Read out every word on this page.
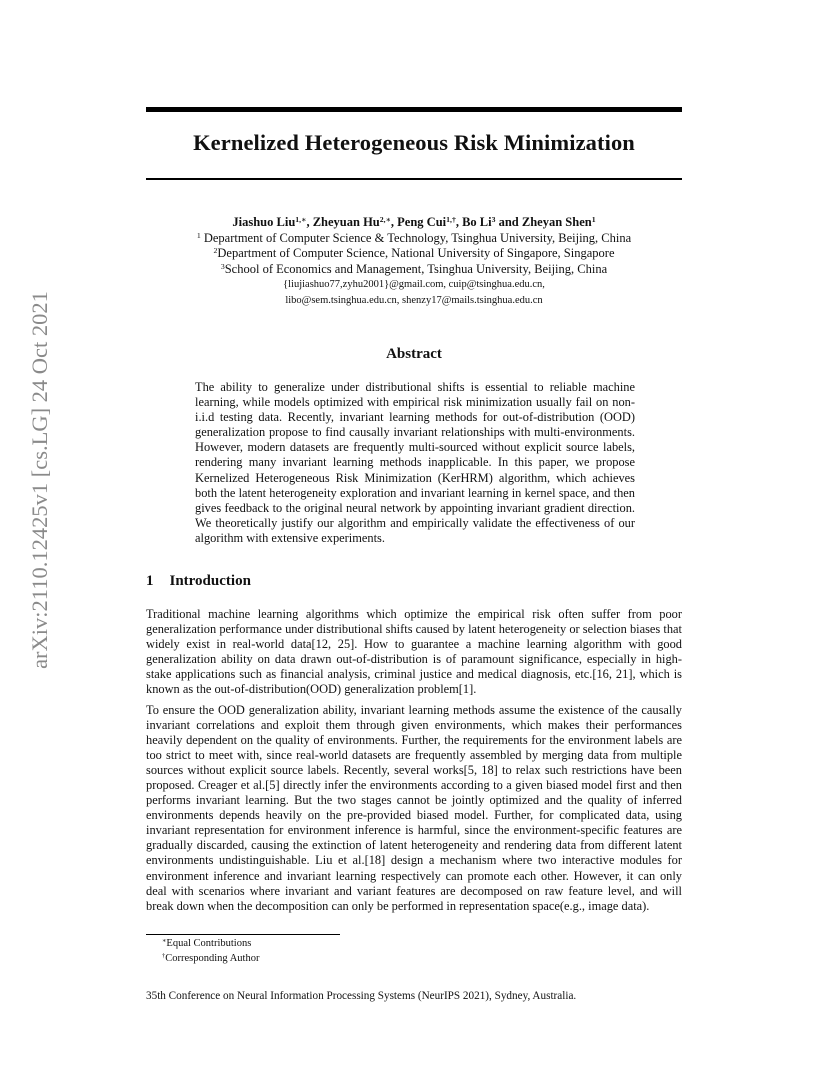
arXiv:2110.12425v1 [cs.LG] 24 Oct 2021
Kernelized Heterogeneous Risk Minimization
Jiashuo Liu$^{1,∗}$, Zheyuan $Hu^{2,∗}$, Peng Cui$^{1,\dagger}$, Bo Li$^3$ and Zheyan Shen$^1$
$^1$ Department of Computer Science & Technology, Tsinghua University, Beijing, China
$^2$Department of Computer Science, National University of Singapore, Singapore
$^3$School of Economics and Management, Tsinghua University, Beijing, China
{liujiashuo77,zyhu2001}@gmail.com, cuip@tsinghua.edu.cn,
libo@sem.tsinghua.edu.cn, shenzy17@mails.tsinghua.edu.cn
Abstract
The ability to generalize under distributional shifts is essential to reliable machine learning, while models optimized with empirical risk minimization usually fail on non-i.i.d testing data. Recently, invariant learning methods for out-of-distribution (OOD) generalization propose to find causally invariant relationships with multi-environments. However, modern datasets are frequently multi-sourced without explicit source labels, rendering many invariant learning methods inapplicable. In this paper, we propose Kernelized Heterogeneous Risk Minimization (KerHRM) algorithm, which achieves both the latent heterogeneity exploration and invariant learning in kernel space, and then gives feedback to the original neural network by appointing invariant gradient direction. We theoretically justify our algorithm and empirically validate the effectiveness of our algorithm with extensive experiments.
1 Introduction
Traditional machine learning algorithms which optimize the empirical risk often suffer from poor generalization performance under distributional shifts caused by latent heterogeneity or selection biases that widely exist in real-world data[12, 25]. How to guarantee a machine learning algorithm with good generalization ability on data drawn out-of-distribution is of paramount significance, especially in high-stake applications such as financial analysis, criminal justice and medical diagnosis, etc.[16, 21], which is known as the out-of-distribution(OOD) generalization problem[1].
To ensure the OOD generalization ability, invariant learning methods assume the existence of the causally invariant correlations and exploit them through given environments, which makes their performances heavily dependent on the quality of environments. Further, the requirements for the environment labels are too strict to meet with, since real-world datasets are frequently assembled by merging data from multiple sources without explicit source labels. Recently, several works[5, 18] to relax such restrictions have been proposed. Creager et al.[5] directly infer the environments according to a given biased model first and then performs invariant learning. But the two stages cannot be jointly optimized and the quality of inferred environments depends heavily on the pre-provided biased model. Further, for complicated data, using invariant representation for environment inference is harmful, since the environment-specific features are gradually discarded, causing the extinction of latent heterogeneity and rendering data from different latent environments undistinguishable. Liu et al.[18] design a mechanism where two interactive modules for environment inference and invariant learning respectively can promote each other. However, it can only deal with scenarios where invariant and variant features are decomposed on raw feature level, and will break down when the decomposition can only be performed in representation space(e.g., image data).
∗Equal Contributions
†Corresponding Author
35th Conference on Neural Information Processing Systems (NeurIPS 2021), Sydney, Australia.
